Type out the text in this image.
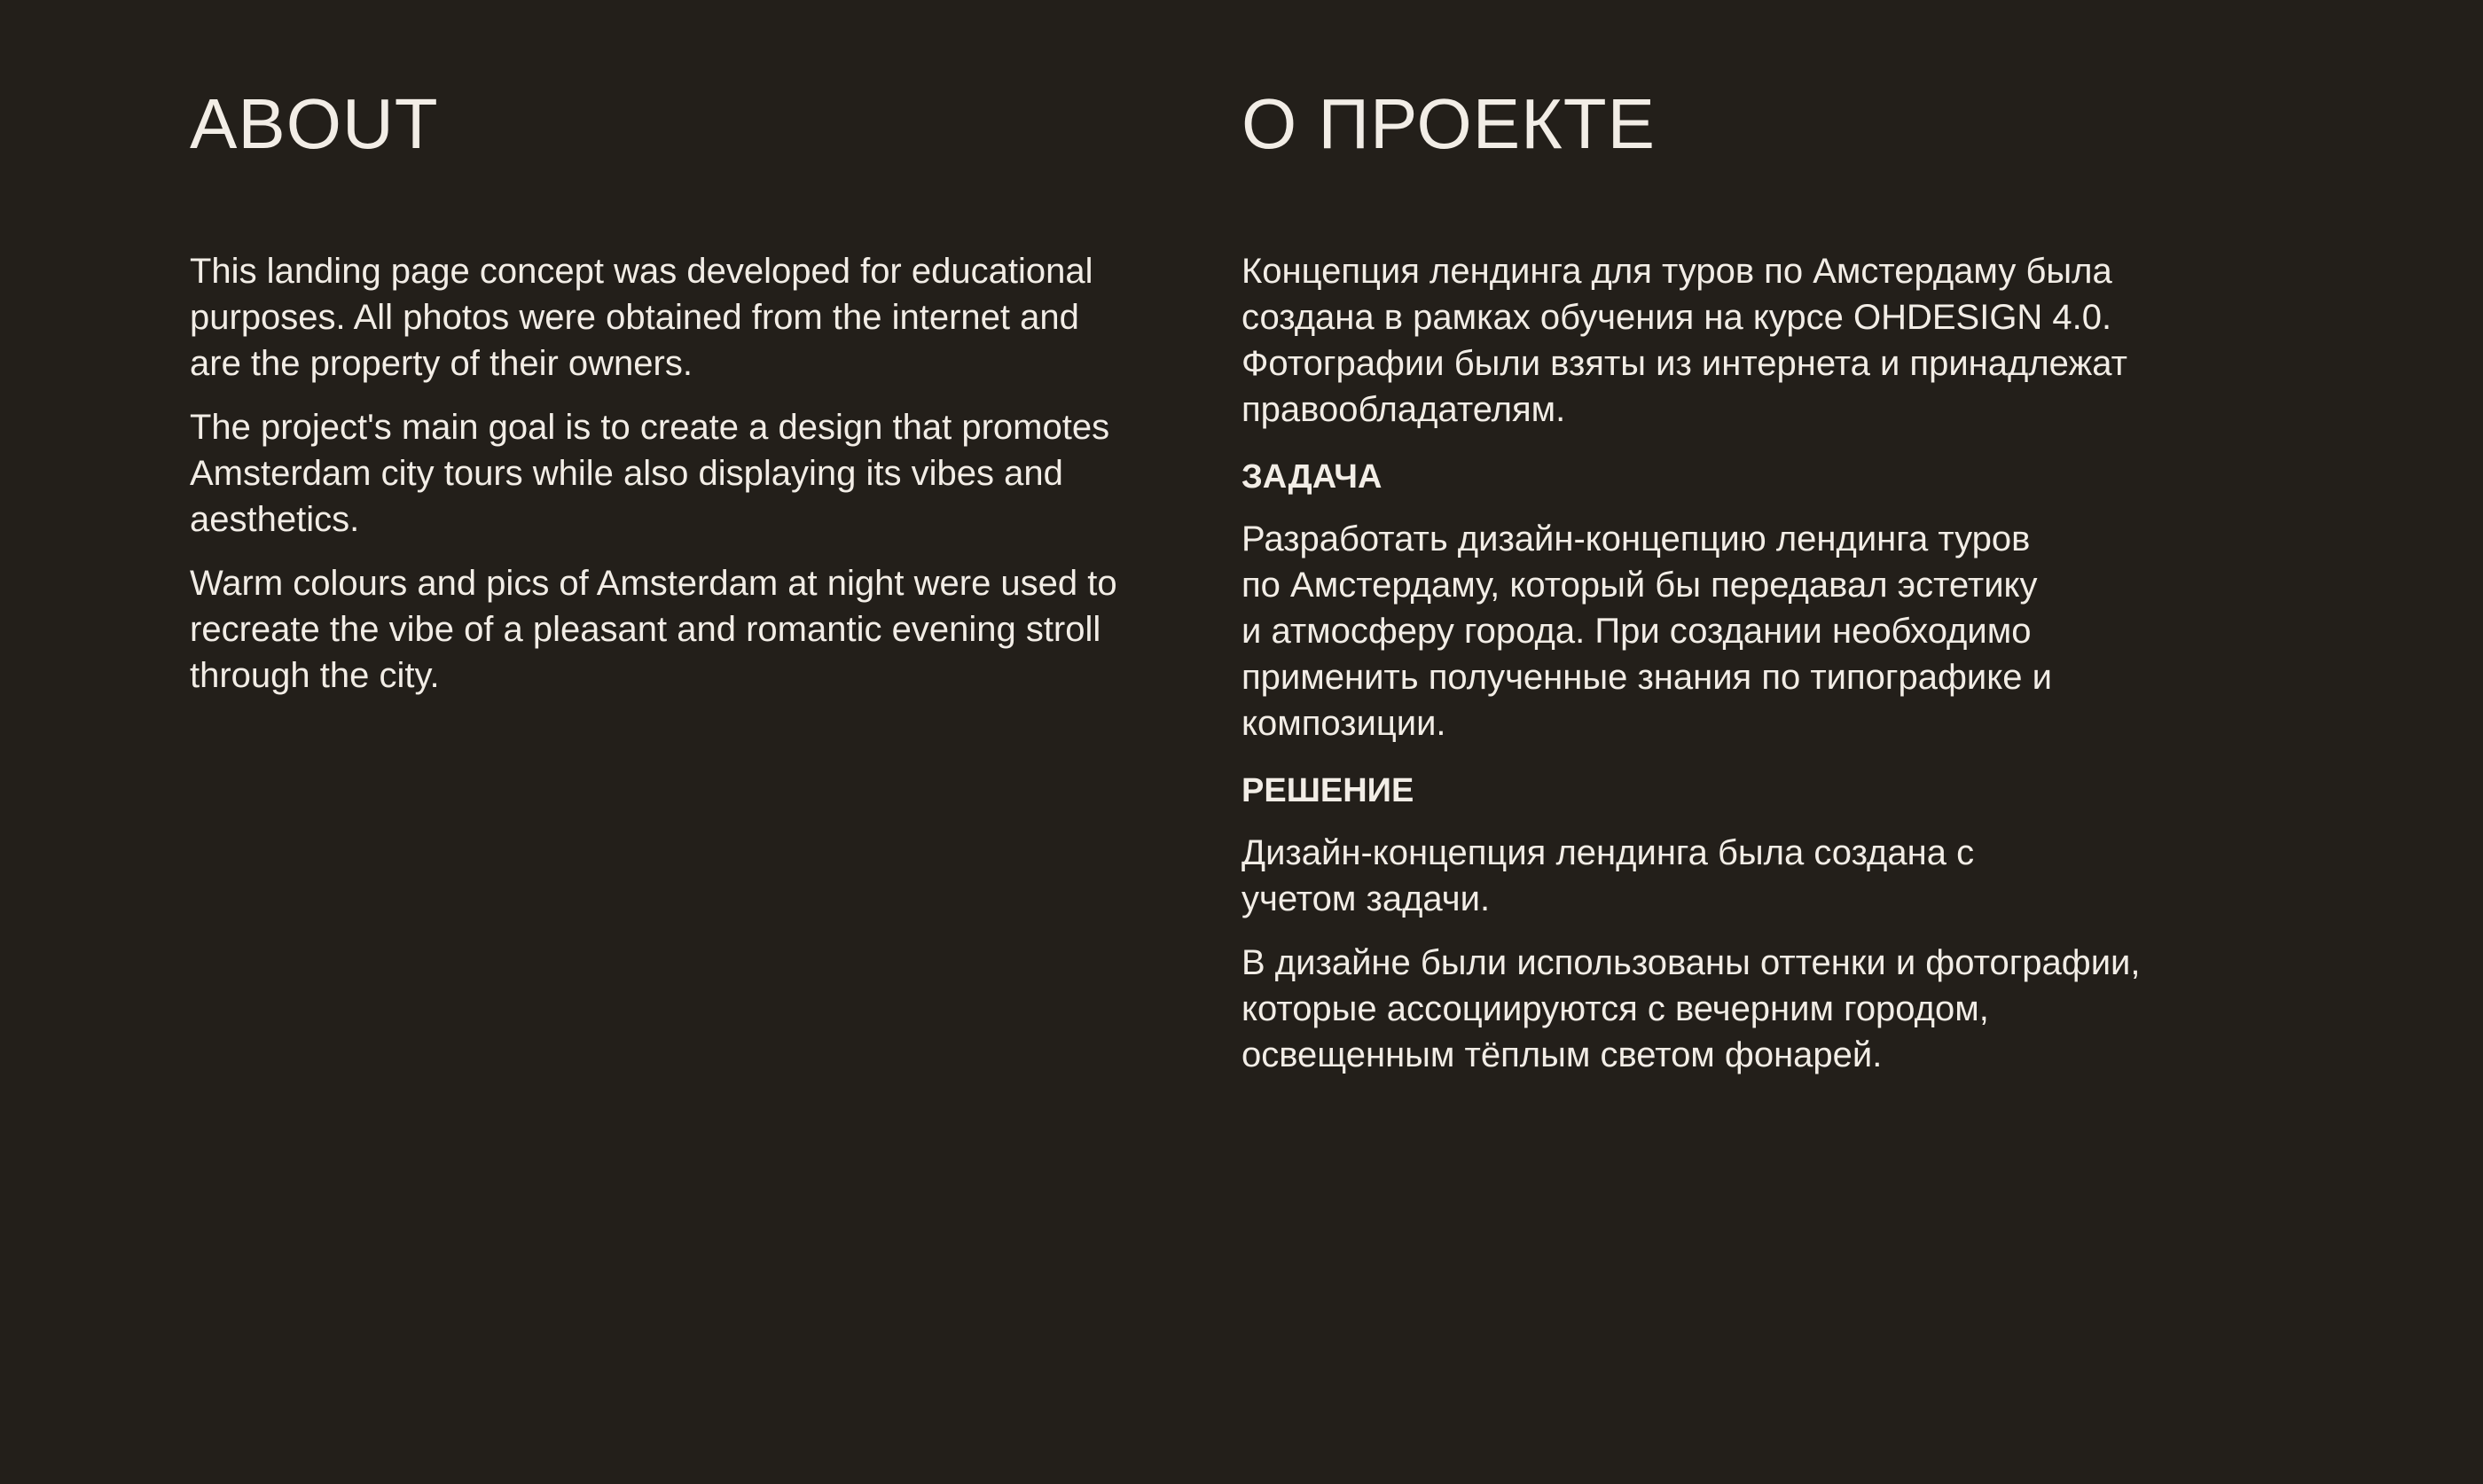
ABOUT

This landing page concept was developed for educational purposes. All photos were obtained from the internet and are the property of their owners.

The project's main goal is to create a design that promotes Amsterdam city tours while also displaying its vibes and aesthetics.

Warm colours and pics of Amsterdam at night were used to recreate the vibe of a pleasant and romantic evening stroll through the city.

О ПРОЕКТЕ

Концепция лендинга для туров по Амстердаму была создана в рамках обучения на курсе OHDESIGN 4.0. Фотографии были взяты из интернета и принадлежат правообладателям.

ЗАДАЧА

Разработать дизайн-концепцию лендинга туров по Амстердаму, который бы передавал эстетику и атмосферу города. При создании необходимо применить полученные знания по типографике и композиции.

РЕШЕНИЕ

Дизайн-концепция лендинга была создана с учетом задачи.

В дизайне были использованы оттенки и фотографии, которые ассоциируются с вечерним городом, освещенным тёплым светом фонарей.
